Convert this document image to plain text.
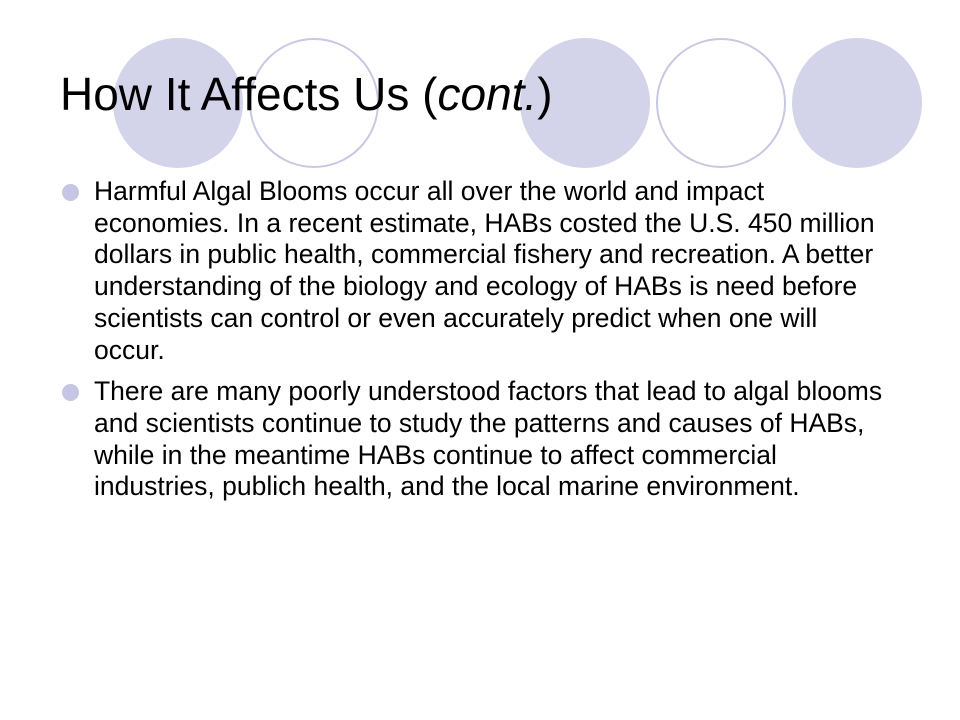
How It Affects Us (cont.)
Harmful Algal Blooms occur all over the world and impact economies. In a recent estimate, HABs costed the U.S. 450 million dollars in public health, commercial fishery and recreation. A better understanding of the biology and ecology of HABs is need before scientists can control or even accurately predict when one will occur.
There are many poorly understood factors that lead to algal blooms and scientists continue to study the patterns and causes of HABs, while in the meantime HABs continue to affect commercial industries, publich health, and the local marine environment.
